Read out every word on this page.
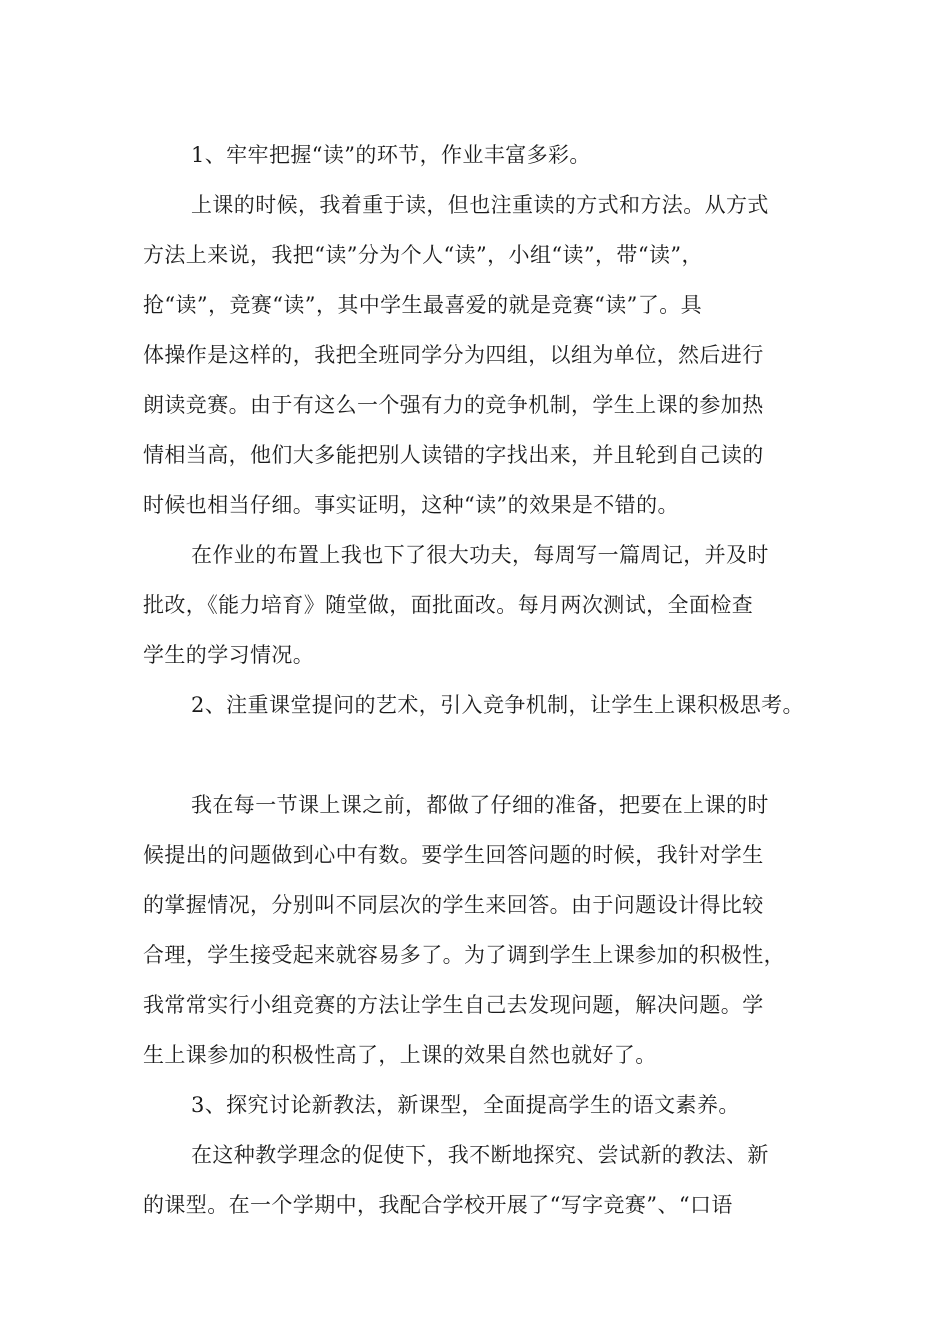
1、牢牢把握“读”的环节，作业丰富多彩。
上课的时候，我着重于读，但也注重读的方式和方法。从方式
方法上来说，我把“读”分为个人“读”，小组“读”，带“读”，
抢“读”，竞赛“读”，其中学生最喜爱的就是竞赛“读”了。具
体操作是这样的，我把全班同学分为四组，以组为单位，然后进行
朗读竞赛。由于有这么一个强有力的竞争机制，学生上课的参加热
情相当高，他们大多能把别人读错的字找出来，并且轮到自己读的
时候也相当仔细。事实证明，这种“读”的效果是不错的。
在作业的布置上我也下了很大功夫，每周写一篇周记，并及时
批改，《能力培育》随堂做，面批面改。每月两次测试，全面检查
学生的学习情况。
2、注重课堂提问的艺术，引入竞争机制，让学生上课积极思考。
我在每一节课上课之前，都做了仔细的准备，把要在上课的时
候提出的问题做到心中有数。要学生回答问题的时候，我针对学生
的掌握情况，分别叫不同层次的学生来回答。由于问题设计得比较
合理，学生接受起来就容易多了。为了调到学生上课参加的积极性，
我常常实行小组竞赛的方法让学生自己去发现问题，解决问题。学
生上课参加的积极性高了，上课的效果自然也就好了。
3、探究讨论新教法，新课型，全面提高学生的语文素养。
在这种教学理念的促使下，我不断地探究、尝试新的教法、新
的课型。在一个学期中，我配合学校开展了“写字竞赛”、“口语
